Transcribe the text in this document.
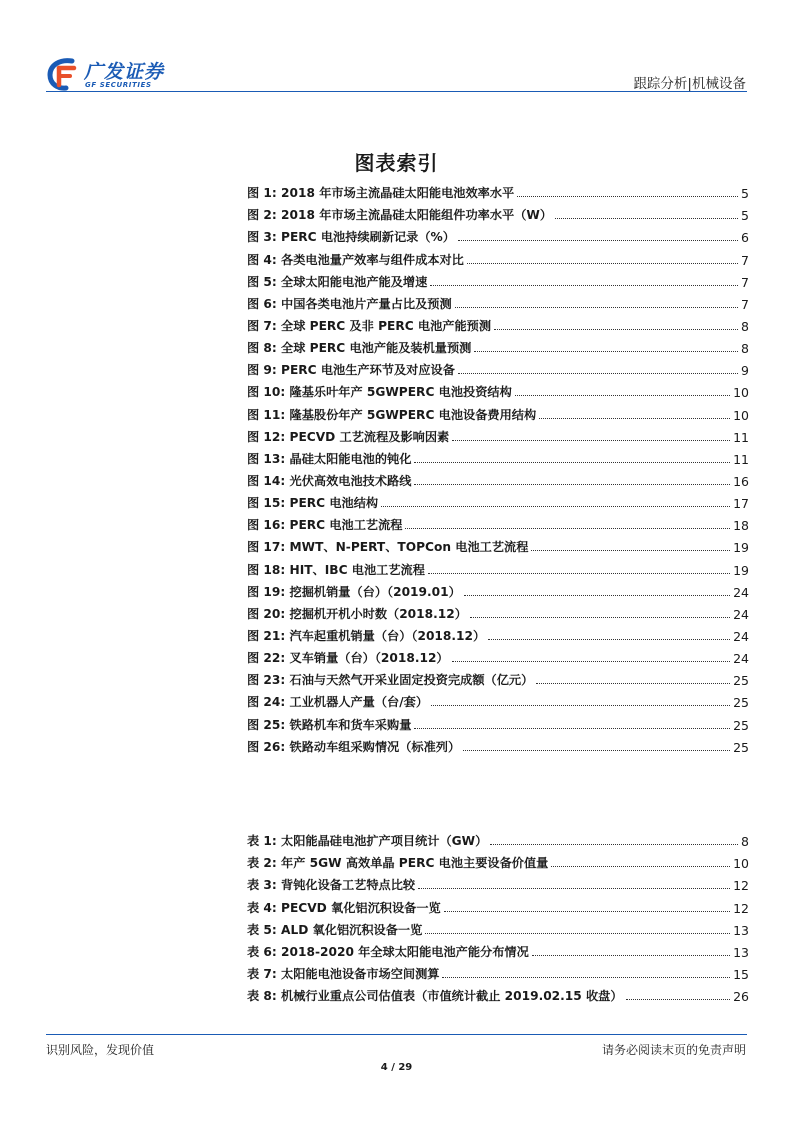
广发证券
GF SECURITIES	跟踪分析|机械设备
图表索引
图 1: 2018 年市场主流晶硅太阳能电池效率水平	5
图 2: 2018 年市场主流晶硅太阳能组件功率水平（W）	5
图 3: PERC 电池持续刷新记录（%）	6
图 4: 各类电池量产效率与组件成本对比	7
图 5: 全球太阳能电池产能及增速	7
图 6: 中国各类电池片产量占比及预测	7
图 7: 全球 PERC 及非 PERC 电池产能预测	8
图 8: 全球 PERC 电池产能及装机量预测	8
图 9: PERC 电池生产环节及对应设备	9
图 10: 隆基乐叶年产 5GWPERC 电池投资结构	10
图 11: 隆基股份年产 5GWPERC 电池设备费用结构	10
图 12: PECVD 工艺流程及影响因素	11
图 13: 晶硅太阳能电池的钝化	11
图 14: 光伏高效电池技术路线	16
图 15: PERC 电池结构	17
图 16: PERC 电池工艺流程	18
图 17: MWT、N-PERT、TOPCon 电池工艺流程	19
图 18: HIT、IBC 电池工艺流程	19
图 19: 挖掘机销量（台）（2019.01）	24
图 20: 挖掘机开机小时数（2018.12）	24
图 21: 汽车起重机销量（台）（2018.12）	24
图 22: 叉车销量（台）（2018.12）	24
图 23: 石油与天然气开采业固定投资完成额（亿元）	25
图 24: 工业机器人产量（台/套）	25
图 25: 铁路机车和货车采购量	25
图 26: 铁路动车组采购情况（标准列）	25
表 1: 太阳能晶硅电池扩产项目统计（GW）	8
表 2: 年产 5GW 高效单晶 PERC 电池主要设备价值量	10
表 3: 背钝化设备工艺特点比较	12
表 4: PECVD 氧化铝沉积设备一览	12
表 5: ALD 氧化铝沉积设备一览	13
表 6: 2018-2020 年全球太阳能电池产能分布情况	13
表 7: 太阳能电池设备市场空间测算	15
表 8: 机械行业重点公司估值表（市值统计截止 2019.02.15 收盘）	26
识别风险，发现价值	请务必阅读末页的免责声明
4 / 29
